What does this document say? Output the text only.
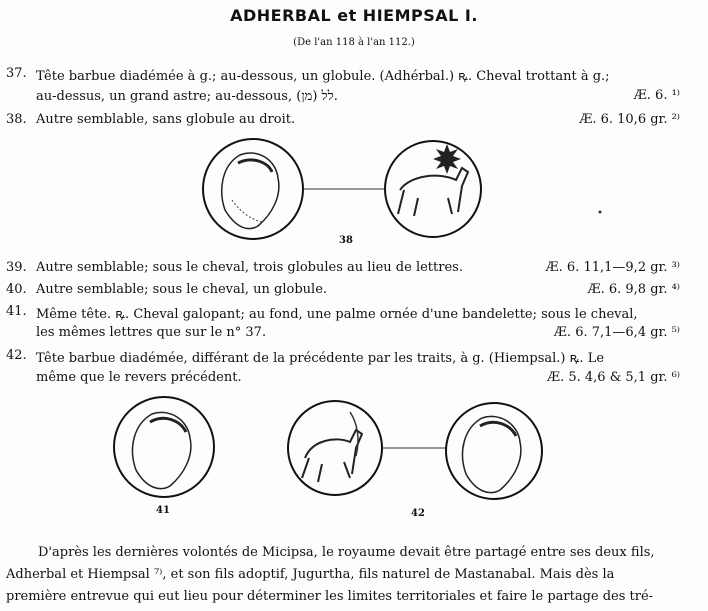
ADHERBAL et HIEMPSAL I.
(De l'an 118 à l'an 112.)
37. Tête barbue diadémée à g.; au-dessous, un globule. (Adhérbal.) ꝶ. Cheval trottant à g.;
au-dessus, un grand astre; au-dessous, לל (מן).	Æ. 6. ¹⁾
38. Autre semblable, sans globule au droit.	Æ. 6. 10,6 gr. ²⁾
38
41	42
39. Autre semblable; sous le cheval, trois globules au lieu de lettres.	Æ. 6. 11,1—9,2 gr. ³⁾
40. Autre semblable; sous le cheval, un globule.	Æ. 6. 9,8 gr. ⁴⁾
41. Même tête. ꝶ. Cheval galopant; au fond, une palme ornée d'une bandelette; sous le cheval,
les mêmes lettres que sur le n° 37.	Æ. 6. 7,1—6,4 gr. ⁵⁾
42. Tête barbue diadémée, différant de la précédente par les traits, à g. (Hiempsal.) ꝶ. Le
même que le revers précédent.	Æ. 5. 4,6 & 5,1 gr. ⁶⁾
D'après les dernières volontés de Micipsa, le royaume devait être partagé entre ses deux fils,
Adherbal et Hiempsal ⁷⁾, et son fils adoptif, Jugurtha, fils naturel de Mastanabal. Mais dès la
première entrevue qui eut lieu pour déterminer les limites territoriales et faire le partage des tré-
